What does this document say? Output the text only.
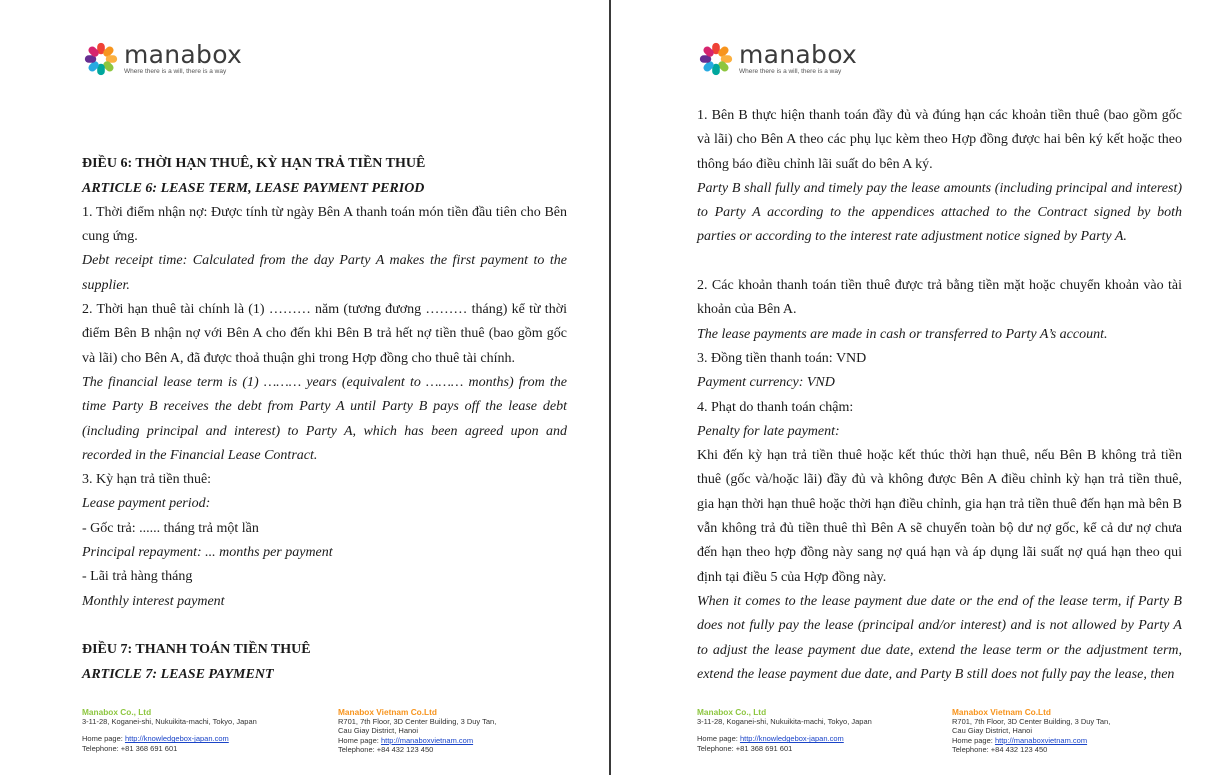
manabox
Where there is a will, there is a way

ĐIỀU 6: THỜI HẠN THUÊ, KỲ HẠN TRẢ TIỀN THUÊ

ARTICLE 6: LEASE TERM, LEASE PAYMENT PERIOD

1. Thời điểm nhận nợ: Được tính từ ngày Bên A thanh toán món tiền đầu tiên cho Bên cung ứng.

Debt receipt time: Calculated from the day Party A makes the first payment to the supplier.

2. Thời hạn thuê tài chính là (1) ……… năm (tương đương ……… tháng) kể từ thời điểm Bên B nhận nợ với Bên A cho đến khi Bên B trả hết nợ tiền thuê (bao gồm gốc và lãi) cho Bên A, đã được thoả thuận ghi trong Hợp đồng cho thuê tài chính.

The financial lease term is (1) ……… years (equivalent to ……… months) from the time Party B receives the debt from Party A until Party B pays off the lease debt (including principal and interest) to Party A, which has been agreed upon and recorded in the Financial Lease Contract.

3. Kỳ hạn trả tiền thuê:

Lease payment period:

- Gốc trả: ...... tháng trả một lần

Principal repayment: ... months per payment

- Lãi trả hàng tháng

Monthly interest payment

ĐIỀU 7: THANH TOÁN TIỀN THUÊ

ARTICLE 7: LEASE PAYMENT

Manabox Co., Ltd
3-11-28, Koganei-shi, Nukuikita-machi, Tokyo, Japan
Home page: http://knowledgebox-japan.com
Telephone: +81 368 691 601
Manabox Vietnam Co.Ltd
R701, 7th Floor, 3D Center Building, 3 Duy Tan,
Cau Giay District, Hanoi
Home page: http://manaboxvietnam.com
Telephone: +84 432 123 450
manabox
Where there is a will, there is a way

1. Bên B thực hiện thanh toán đầy đủ và đúng hạn các khoản tiền thuê (bao gồm gốc và lãi) cho Bên A theo các phụ lục kèm theo Hợp đồng được hai bên ký kết hoặc theo thông báo điều chỉnh lãi suất do bên A ký.

Party B shall fully and timely pay the lease amounts (including principal and interest) to Party A according to the appendices attached to the Contract signed by both parties or according to the interest rate adjustment notice signed by Party A.

2. Các khoản thanh toán tiền thuê được trả bằng tiền mặt hoặc chuyển khoản vào tài khoản của Bên A.

The lease payments are made in cash or transferred to Party A’s account.

3. Đồng tiền thanh toán: VND

Payment currency: VND

4. Phạt do thanh toán chậm:

Penalty for late payment:

Khi đến kỳ hạn trả tiền thuê hoặc kết thúc thời hạn thuê, nếu Bên B không trả tiền thuê (gốc và/hoặc lãi) đầy đủ và không được Bên A điều chỉnh kỳ hạn trả tiền thuê, gia hạn thời hạn thuê hoặc thời hạn điều chỉnh, gia hạn trả tiền thuê đến hạn mà bên B vẫn không trả đủ tiền thuê thì Bên A sẽ chuyển toàn bộ dư nợ gốc, kể cả dư nợ chưa đến hạn theo hợp đồng này sang nợ quá hạn và áp dụng lãi suất nợ quá hạn theo qui định tại điều 5 của Hợp đồng này.

When it comes to the lease payment due date or the end of the lease term, if Party B does not fully pay the lease (principal and/or interest) and is not allowed by Party A to adjust the lease payment due date, extend the lease term or the adjustment term, extend the lease payment due date, and Party B still does not fully pay the lease, then

Manabox Co., Ltd
3-11-28, Koganei-shi, Nukuikita-machi, Tokyo, Japan
Home page: http://knowledgebox-japan.com
Telephone: +81 368 691 601
Manabox Vietnam Co.Ltd
R701, 7th Floor, 3D Center Building, 3 Duy Tan,
Cau Giay District, Hanoi
Home page: http://manaboxvietnam.com
Telephone: +84 432 123 450
